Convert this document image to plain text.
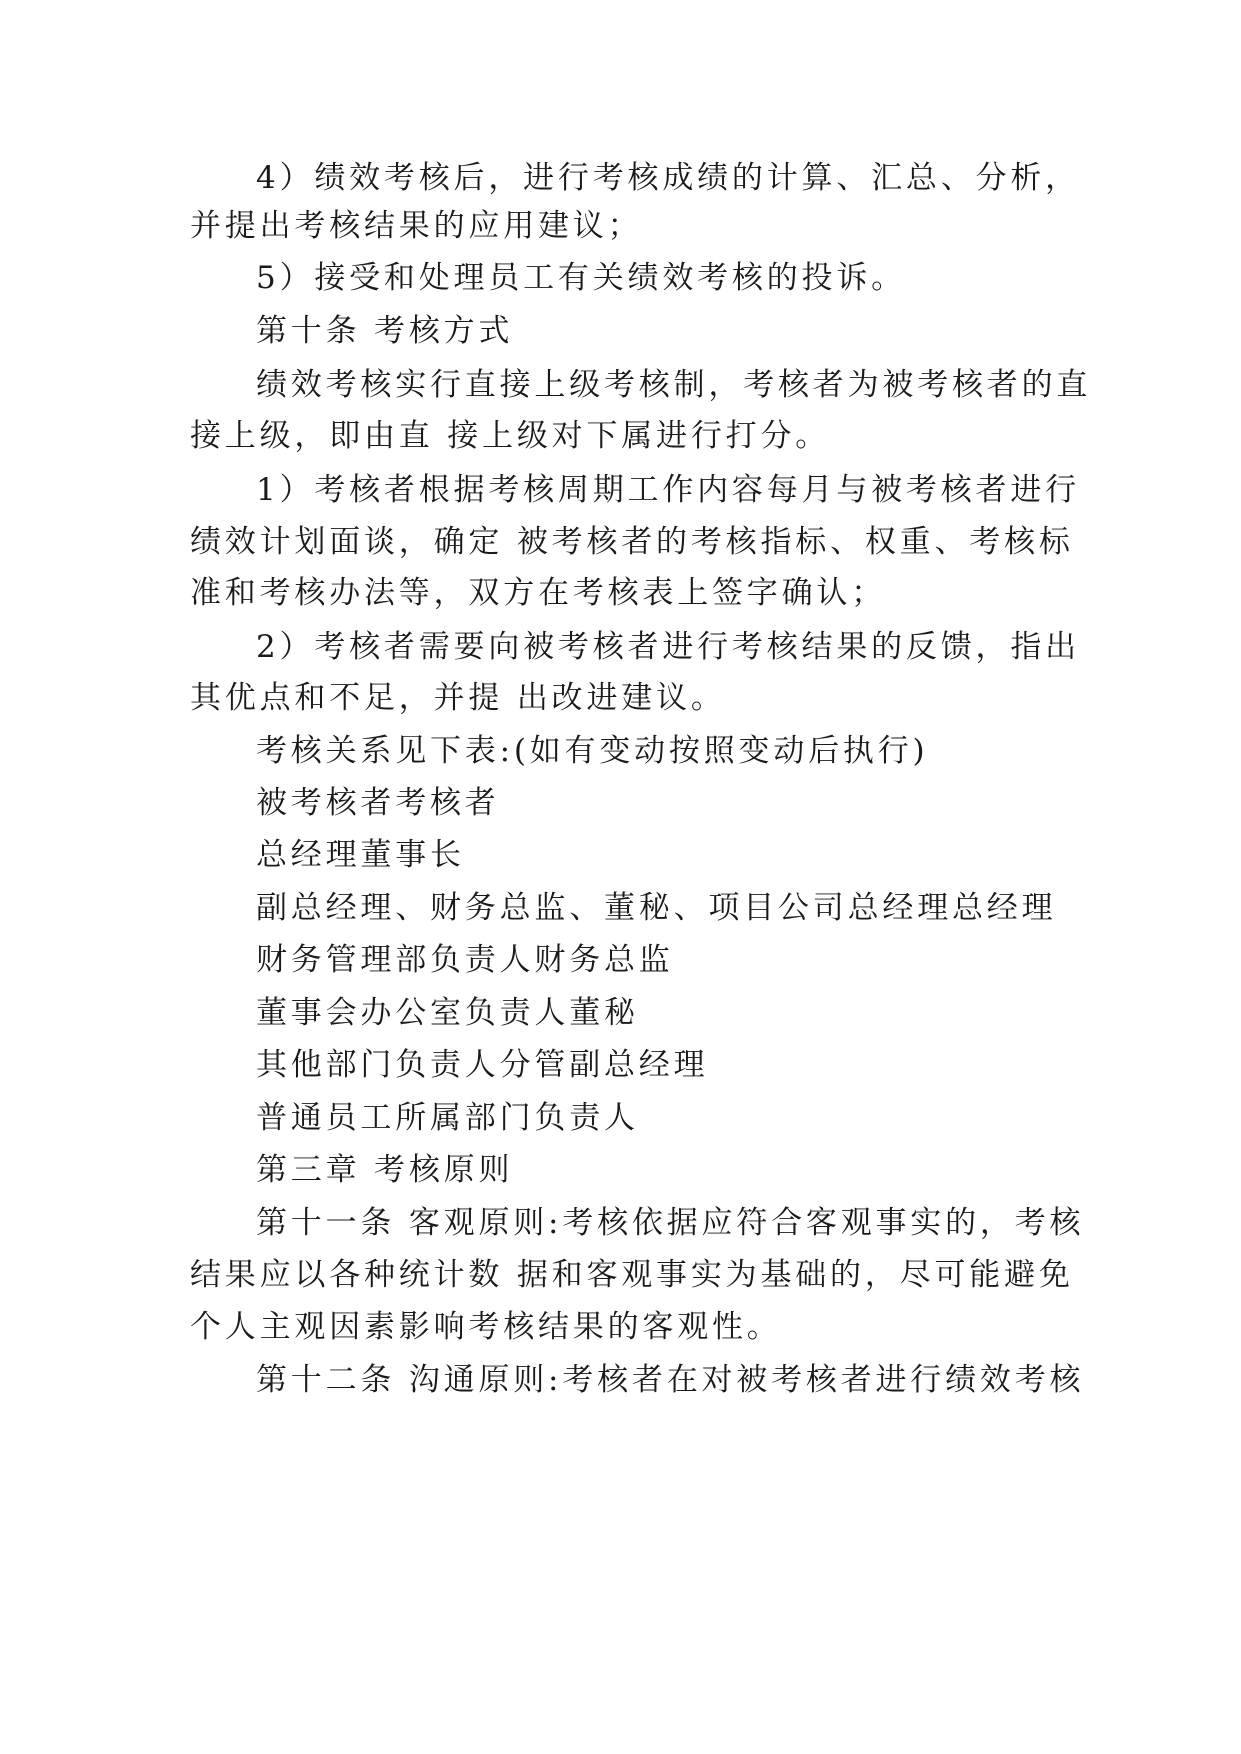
4）绩效考核后，进行考核成绩的计算、汇总、分析，
并提出考核结果的应用建议；
5）接受和处理员工有关绩效考核的投诉。
第十条 考核方式
绩效考核实行直接上级考核制，考核者为被考核者的直
接上级，即由直 接上级对下属进行打分。
1）考核者根据考核周期工作内容每月与被考核者进行
绩效计划面谈，确定 被考核者的考核指标、权重、考核标
准和考核办法等，双方在考核表上签字确认；
2）考核者需要向被考核者进行考核结果的反馈，指出
其优点和不足，并提 出改进建议。
考核关系见下表:(如有变动按照变动后执行)
被考核者考核者
总经理董事长
副总经理、财务总监、董秘、项目公司总经理总经理
财务管理部负责人财务总监
董事会办公室负责人董秘
其他部门负责人分管副总经理
普通员工所属部门负责人
第三章 考核原则
第十一条 客观原则:考核依据应符合客观事实的，考核
结果应以各种统计数 据和客观事实为基础的，尽可能避免
个人主观因素影响考核结果的客观性。
第十二条 沟通原则:考核者在对被考核者进行绩效考核
